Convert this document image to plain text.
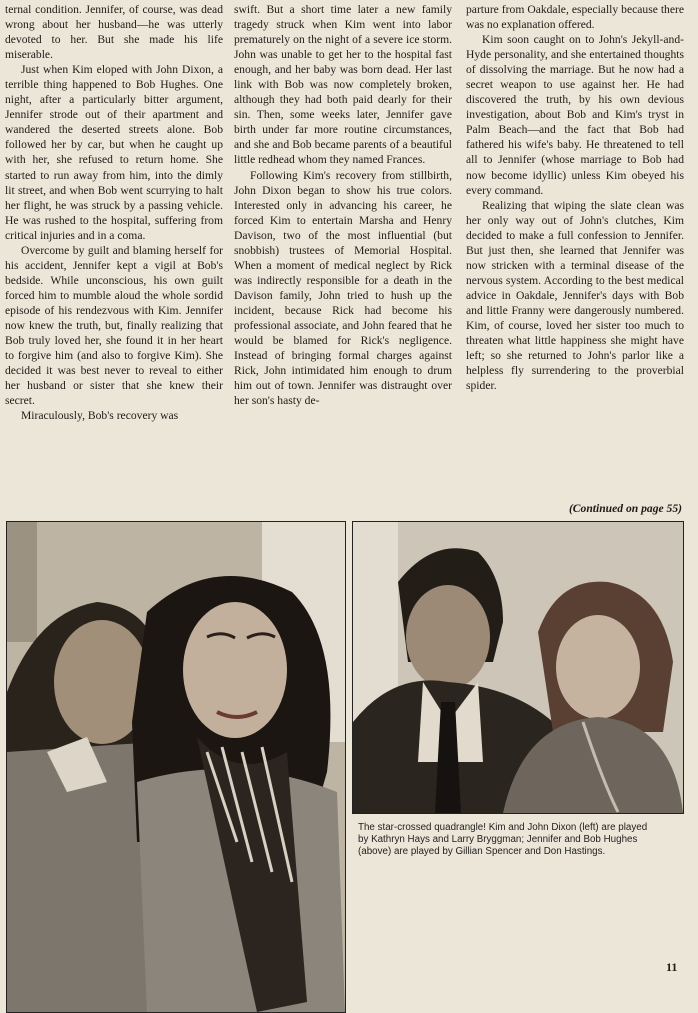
ternal condition. Jennifer, of course, was dead wrong about her husband—he was utterly devoted to her. But she made his life miserable.

Just when Kim eloped with John Dixon, a terrible thing happened to Bob Hughes. One night, after a particularly bitter argument, Jennifer strode out of their apartment and wandered the deserted streets alone. Bob followed her by car, but when he caught up with her, she refused to return home. She started to run away from him, into the dimly lit street, and when Bob went scurrying to halt her flight, he was struck by a passing vehicle. He was rushed to the hospital, suffering from critical injuries and in a coma.

Overcome by guilt and blaming herself for his accident, Jennifer kept a vigil at Bob's bedside. While unconscious, his own guilt forced him to mumble aloud the whole sordid episode of his rendezvous with Kim. Jennifer now knew the truth, but, finally realizing that Bob truly loved her, she found it in her heart to forgive him (and also to forgive Kim). She decided it was best never to reveal to either her husband or sister that she knew their secret.

Miraculously, Bob's recovery was

swift. But a short time later a new family tragedy struck when Kim went into labor prematurely on the night of a severe ice storm. John was unable to get her to the hospital fast enough, and her baby was born dead. Her last link with Bob was now completely broken, although they had both paid dearly for their sin. Then, some weeks later, Jennifer gave birth under far more routine circumstances, and she and Bob became parents of a beautiful little redhead whom they named Frances.

Following Kim's recovery from stillbirth, John Dixon began to show his true colors. Interested only in advancing his career, he forced Kim to entertain Marsha and Henry Davison, two of the most influential (but snobbish) trustees of Memorial Hospital. When a moment of medical neglect by Rick was indirectly responsible for a death in the Davison family, John tried to hush up the incident, because Rick had become his professional associate, and John feared that he would be blamed for Rick's negligence. Instead of bringing formal charges against Rick, John intimidated him enough to drum him out of town. Jennifer was distraught over her son's hasty de-

parture from Oakdale, especially because there was no explanation offered.

Kim soon caught on to John's Jekyll-and-Hyde personality, and she entertained thoughts of dissolving the marriage. But he now had a secret weapon to use against her. He had discovered the truth, by his own devious investigation, about Bob and Kim's tryst in Palm Beach—and the fact that Bob had fathered his wife's baby. He threatened to tell all to Jennifer (whose marriage to Bob had now become idyllic) unless Kim obeyed his every command.

Realizing that wiping the slate clean was her only way out of John's clutches, Kim decided to make a full confession to Jennifer. But just then, she learned that Jennifer was now stricken with a terminal disease of the nervous system. According to the best medical advice in Oakdale, Jennifer's days with Bob and little Franny were dangerously numbered. Kim, of course, loved her sister too much to threaten what little happiness she might have left; so she returned to John's parlor like a helpless fly surrendering to the proverbial spider.

(Continued on page 55)
The star-crossed quadrangle! Kim and John Dixon (left) are played by Kathryn Hays and Larry Bryggman; Jennifer and Bob Hughes (above) are played by Gillian Spencer and Don Hastings.
11
